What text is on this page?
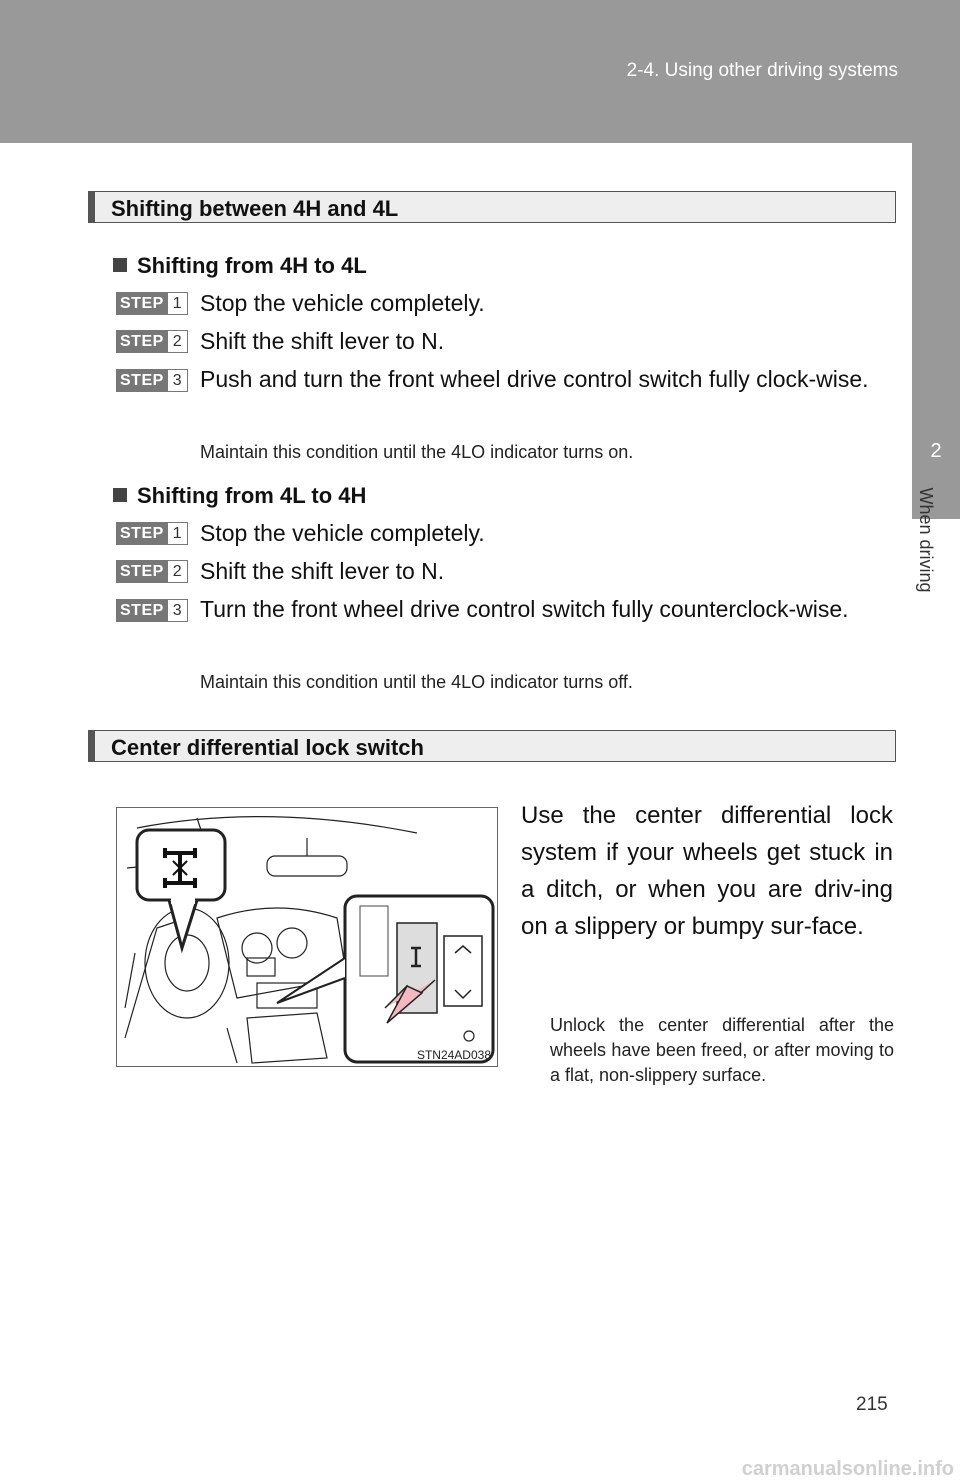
2-4. Using other driving systems
2
When driving
Shifting between 4H and 4L
Shifting from 4H to 4L
STEP 1 Stop the vehicle completely.
STEP 2 Shift the shift lever to N.
STEP 3 Push and turn the front wheel drive control switch fully clock-wise.
Maintain this condition until the 4LO indicator turns on.
Shifting from 4L to 4H
STEP 1 Stop the vehicle completely.
STEP 2 Shift the shift lever to N.
STEP 3 Turn the front wheel drive control switch fully counterclock-wise.
Maintain this condition until the 4LO indicator turns off.
Center differential lock switch
STN24AD038
Use the center differential lock system if your wheels get stuck in a ditch, or when you are driv-ing on a slippery or bumpy sur-face.
Unlock the center differential after the wheels have been freed, or after moving to a flat, non-slippery surface.
215
carmanualsonline.info
